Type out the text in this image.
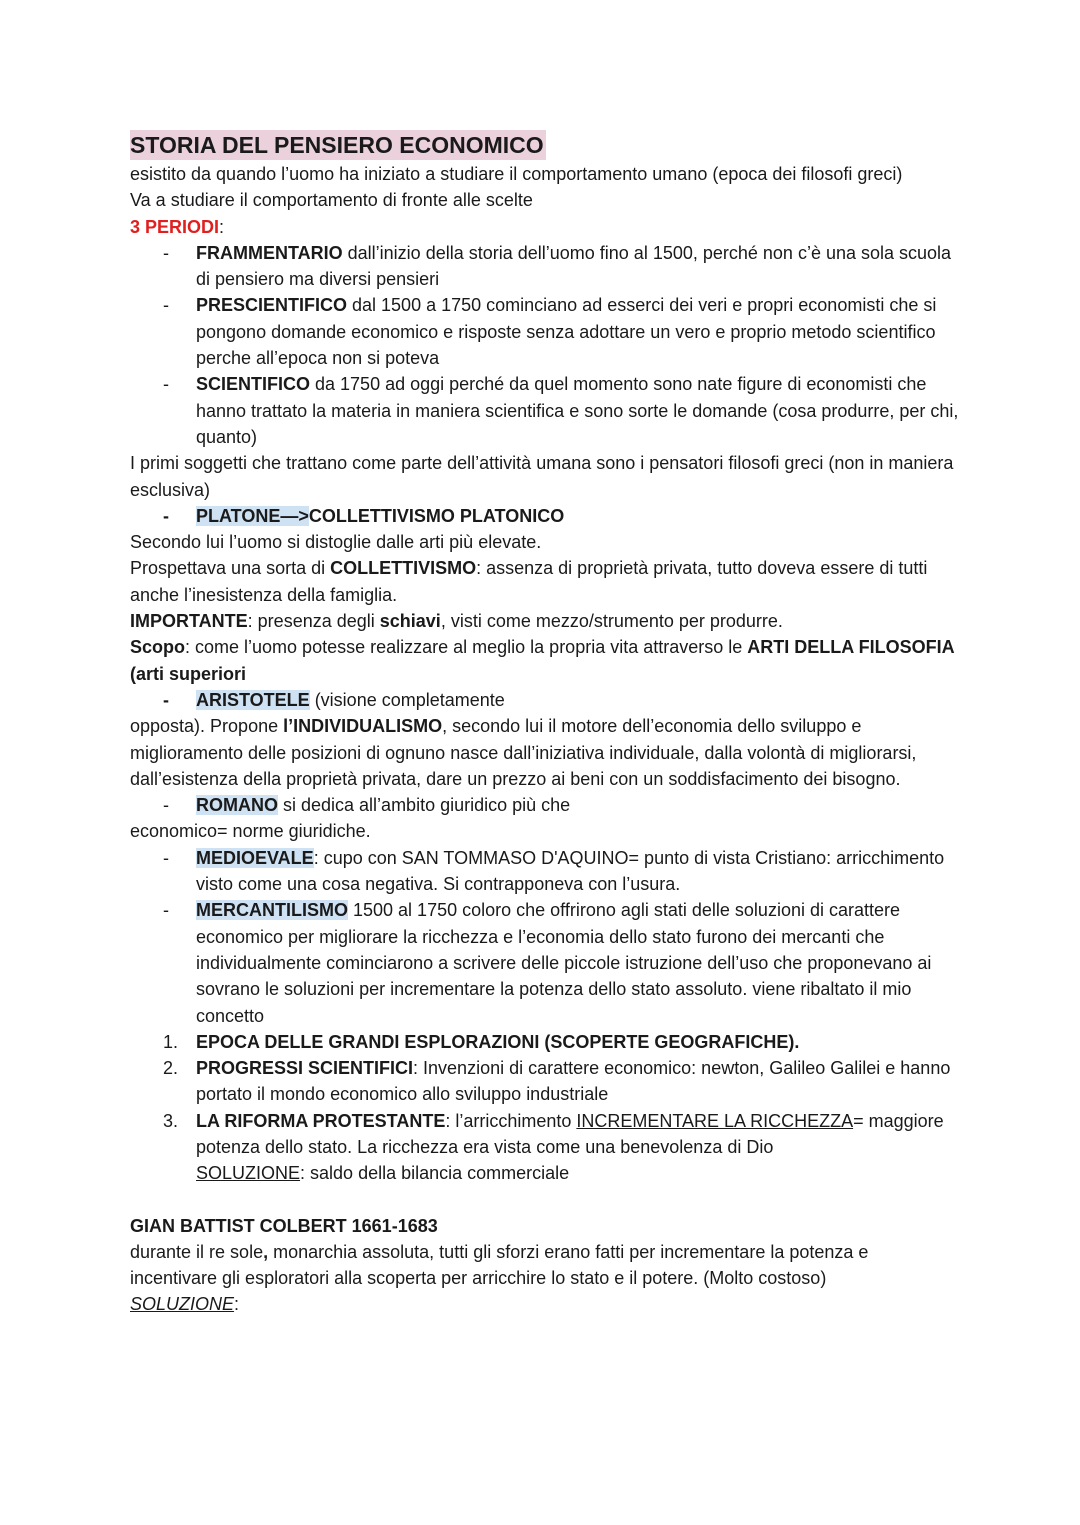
STORIA DEL PENSIERO ECONOMICO

esistito da quando l’uomo ha iniziato a studiare il comportamento umano (epoca dei filosofi greci)

Va a studiare il comportamento di fronte alle scelte

3 PERIODI:

- FRAMMENTARIO dall’inizio della storia dell’uomo fino al 1500, perché non c’è una sola scuola di pensiero ma diversi pensieri
- PRESCIENTIFICO dal 1500 a 1750 cominciano ad esserci dei veri e propri economisti che si pongono domande economico e risposte senza adottare un vero e proprio metodo scientifico perche all’epoca non si poteva
- SCIENTIFICO da 1750 ad oggi perché da quel momento sono nate figure di economisti che hanno trattato la materia in maniera scientifica e sono sorte le domande (cosa produrre, per chi, quanto)

I primi soggetti che trattano come parte dell’attività umana sono i pensatori filosofi greci (non in maniera esclusiva)

- PLATONE—>COLLETTIVISMO PLATONICO

Secondo lui l’uomo si distoglie dalle arti più elevate.

Prospettava una sorta di COLLETTIVISMO: assenza di proprietà privata, tutto doveva essere di tutti anche l’inesistenza della famiglia.

IMPORTANTE: presenza degli schiavi, visti come mezzo/strumento per produrre.

Scopo: come l’uomo potesse realizzare al meglio la propria vita attraverso le ARTI DELLA FILOSOFIA (arti superiori

- ARISTOTELE (visione completamente

opposta). Propone l’INDIVIDUALISMO, secondo lui il motore dell’economia dello sviluppo e miglioramento delle posizioni di ognuno nasce dall’iniziativa individuale, dalla volontà di migliorarsi, dall’esistenza della proprietà privata, dare un prezzo ai beni con un soddisfacimento dei bisogno.

- ROMANO si dedica all’ambito giuridico più che

economico= norme giuridiche.

- MEDIOEVALE: cupo con SAN TOMMASO D'AQUINO= punto di vista Cristiano: arricchimento visto come una cosa negativa. Si contrapponeva con l’usura.
- MERCANTILISMO 1500 al 1750 coloro che offrirono agli stati delle soluzioni di carattere economico per migliorare la ricchezza e l’economia dello stato furono dei mercanti che individualmente cominciarono a scrivere delle piccole istruzione dell’uso che proponevano ai sovrano le soluzioni per incrementare la potenza dello stato assoluto. viene ribaltato il mio concetto
1. EPOCA DELLE GRANDI ESPLORAZIONI (SCOPERTE GEOGRAFICHE).
2. PROGRESSI SCIENTIFICI: Invenzioni di carattere economico: newton, Galileo Galilei e hanno portato il mondo economico allo sviluppo industriale
3. LA RIFORMA PROTESTANTE: l’arricchimento INCREMENTARE LA RICCHEZZA= maggiore potenza dello stato. La ricchezza era vista come una benevolenza di Dio
SOLUZIONE: saldo della bilancia commerciale

GIAN BATTIST COLBERT 1661-1683

durante il re sole, monarchia assoluta, tutti gli sforzi erano fatti per incrementare la potenza e incentivare gli esploratori alla scoperta per arricchire lo stato e il potere. (Molto costoso)

SOLUZIONE:
